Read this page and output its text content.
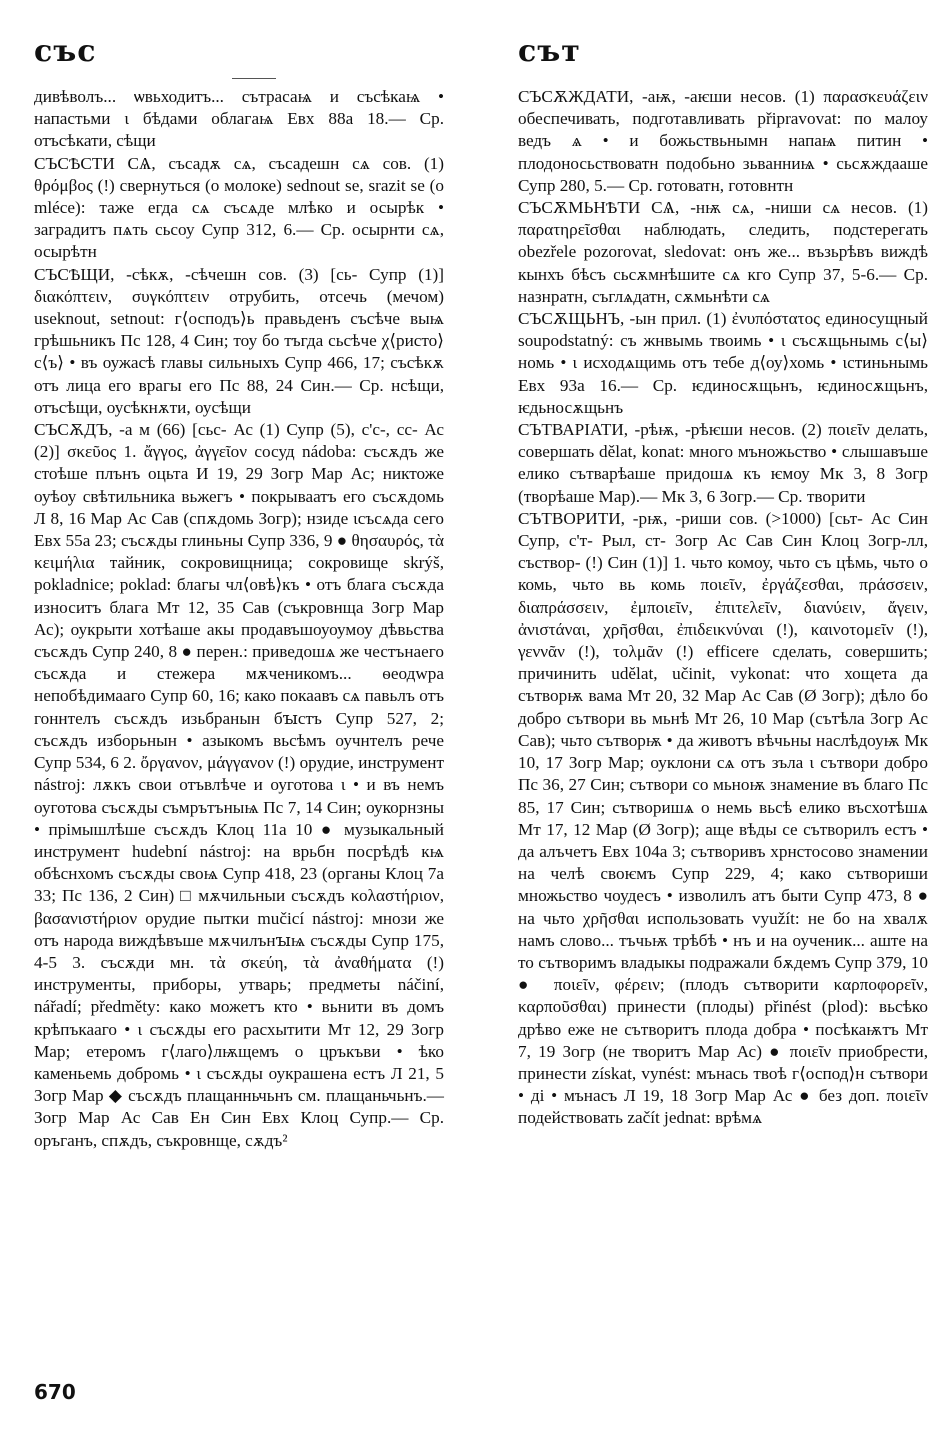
със	сът

дивѣволъ... ѡвьходитъ... сътрасаѩ и съсѣкаѩ • напастьми ι бѣдами облагаѩ Евх 88а 18.— Ср. отъсѣкати, сѣщи

СЪСѢСТИ СѦ, съсадѫ сѧ, съсадешн сѧ сов. (1) θρόμβος (!) свернуться (о молоке) sednout se, srazit se (o mléce): таже егда сѧ съсѧде млѣко и осырѣк • заградитъ пѧть сьсоу Супр 312, 6.— Ср. осырнти сѧ, осырѣтн

СЪСѢЩИ, -сѣкѫ, -сѣчешн сов. (3) [сь- Супр (1)] διακόπτειν, συγκόπτειν отрубить, отсечь (мечом) useknout, setnout: г⟨осподъ⟩ь правьденъ съсѣче выѩ грѣшьникъ Пс 128, 4 Син; тоу бо тъгда сьсѣче χ⟨ристо⟩с⟨ъ⟩ • въ оужасѣ главы сильныхъ Супр 466, 17; съсѣкѫ отъ лица его врагы его Пс 88, 24 Син.— Ср. нсѣщи, отъсѣщи, оусѣкнѫти, оусѣщи

СЪСѪДЪ, -а м (66) [сьс- Ас (1) Супр (5), с'с-, сс- Ас (2)] σκεῦος 1. ἄγγος, ἀγγεῖον сосуд nádoba: съсѫдъ же стоѣше плънъ оцьта И 19, 29 Зогр Мар Ас; никтоже оуѣоу свѣтильника вьжегъ • покрываатъ его съсѫдомь Л 8, 16 Мар Ас Сав (спѫдомь Зогр); нзиде ιсъсѧда сего Евх 55а 23; съсѫды глиньны Супр 336, 9 ● θησαυρός, τὰ κειμήλια тайник, сокровищница; сокровище skrýš, pokladnice; poklad: благы чл⟨овѣ⟩къ • отъ блага съсѫда износитъ блага Мт 12, 35 Сав (съкровнща Зогр Мар Ас); оукрыти хотѣаше акы продавъшоуоумоу дѣвьства съсѫдъ Супр 240, 8 ● перен.: приведошѧ же честънаего съсѫда и стежера мѫченикомъ... ѳеодwра непобѣдимааго Супр 60, 16; како покаавъ сѧ павьлъ отъ гоннтелъ съсѫдъ изьбранын бꙑстъ Супр 527, 2; съсѫдъ изборьнын • азыкомъ вьсѣмъ оучнтелъ рече Супр 534, 6 2. ὄργανον, μάγγανον (!) орудие, инструмент nástroj: лѫкъ свои отъвлѣче и оуготова ι • и въ немъ оуготова съсѫды съмрътъныѩ Пс 7, 14 Син; оукорнзны • прімышлѣше съсѫдъ Клоц 11а 10 ● музыкальный инструмент hudební nástroj: на врьбн посрѣдѣ кѩ обѣснхомъ съсѫды своѩ Супр 418, 23 (органы Клоц 7а 33; Пс 136, 2 Син) □ мѫчильныи съсѫдъ κολαστήριον, βασανιστήριον орудие пытки mučicí nástroj: мнози же отъ народа виждѣвъше мѫчилънꙑѩ съсѫды Супр 175, 4-5 3. съсѫди мн. τὰ σκεύη, τὰ ἀναθήματα (!) инструменты, приборы, утварь; предметы náčiní, nářadí; předměty: како можетъ кто • вьнити въ домъ крѣпъкааго • ι съсѫды его расхытити Мт 12, 29 Зогр Мар; етеромъ г⟨лаго⟩лѭщемъ о цръкъви • ѣко каменьемь добромь • ι съсѫды оукрашена естъ Л 21, 5 Зогр Мар ◆ съсѫдъ плащанньчьнъ см. плащаньчьнъ.— Зогр Мар Ас Сав Ен Син Евх Клоц Супр.— Ср. оръганъ, спѫдъ, съкровнще, сѫдъ²

СЪСѪЖДАТИ, -аѭ, -аѥши несов. (1) παρασκευάζειν обеспечивать, подготавливать připravovat: по малоу ведъ ѧ • и божьствьнымн напаѩ питин • плодоносьствоватн подобьно зьванниѩ • сьсѫждааше Супр 280, 5.— Ср. готоватн, готовнтн

СЪСѪМЬНѢТИ СѦ, -нѭ сѧ, -ниши сѧ несов. (1) παρατηρεῖσθαι наблюдать, следить, подстерегать obezřele pozorovat, sledovat: онъ же... възьрѣвъ виждѣ кынхъ бѣсъ сьсѫмнѣшите сѧ кго Супр 37, 5-6.— Ср. назнратн, съглѧдатн, сѫмьнѣти сѧ

СЪСѪЩЬНЪ, -ын прил. (1) ἐνυπόστατος единосущный soupodstatný: съ жнвымь твоимь • ι съсѫщьнымь с⟨ы⟩номь • ι исходѧщимь отъ тебе д⟨оу⟩хомь • ιстиньнымь Евх 93а 16.— Ср. ѥдиносѫщьнъ, ѥдиносѫщьнъ, ѥдьносѫщьнъ

СЪТВАРІАТИ, -рѣѭ, -рѣѥши несов. (2) ποιεῖν делать, совершать dělat, konat: много мъножьство • слышавъше елико сътварѣаше придошѧ къ ѥмоу Мк 3, 8 Зогр (творѣаше Мар).— Мк 3, 6 Зогр.— Ср. творити

СЪТВОРИТИ, -рѭ, -риши сов. (>1000) [сьт- Ас Син Супр, с'т- Рыл, ст- Зогр Ас Сав Син Клоц Зогр-лл, съствор- (!) Син (1)] 1. чьто комоу, чьто съ цѣмь, чьто о комь, чьто вь комь ποιεῖν, ἐργάζεσθαι, πράσσειν, διαπράσσειν, ἐμποιεῖν, ἐπιτελεῖν, διανύειν, ἄγειν, ἀνιστάναι, χρῆσθαι, ἐπιδεικνύναι (!), καινοτομεῖν (!), γεννᾶν (!), τολμᾶν (!) efficere сделать, совершить; причинить udělat, učinit, vykonat: что хощета да сътворѭ вама Мт 20, 32 Мар Ас Сав (Ø Зогр); дѣло бо добро сътвори вь мьнѣ Мт 26, 10 Мар (сътѣла Зогр Ас Сав); чьто сътворѭ • да животъ вѣчьны наслѣдоуѭ Мк 10, 17 Зогр Мар; оуклони сѧ отъ зъла ι сътвори добро Пс 36, 27 Син; сътвори со мьноѭ знамение въ благо Пс 85, 17 Син; сътворишѧ о немь вьсѣ елико въсхотѣшѧ Мт 17, 12 Мар (Ø Зогр); аще вѣды се сътворилъ естъ • да алъчетъ Евх 104а 3; сътворивъ хрнстосово знамении на челѣ своѥмъ Супр 229, 4; како сътвориши множьство чоудесъ • изволилъ атъ быти Супр 473, 8 ● на чьто χρῆσθαι использовать využít: не бо на хвалѫ намъ слово... тъчьѭ трѣбѣ • нъ и на оученик... аште на то сътворимъ владыкы подражали бѫдемъ Супр 379, 10 ● ποιεῖν, φέρειν; (плодъ сътворити καρποφορεῖν, καρποῦσθαι) принести (плоды) přinést (plod): вьсѣко дрѣво еже не сътворитъ плода добра • посѣкаѭтъ Мт 7, 19 Зогр (не творитъ Мар Ас) ● ποιεῖν приобрести, принести získat, vynést: мънась твоѣ г⟨оспод⟩н сътвори • ді • мънасъ Л 19, 18 Зогр Мар Ас ● без доп. ποιεῖν подействовать začít jednat: врѣмѧ

670
